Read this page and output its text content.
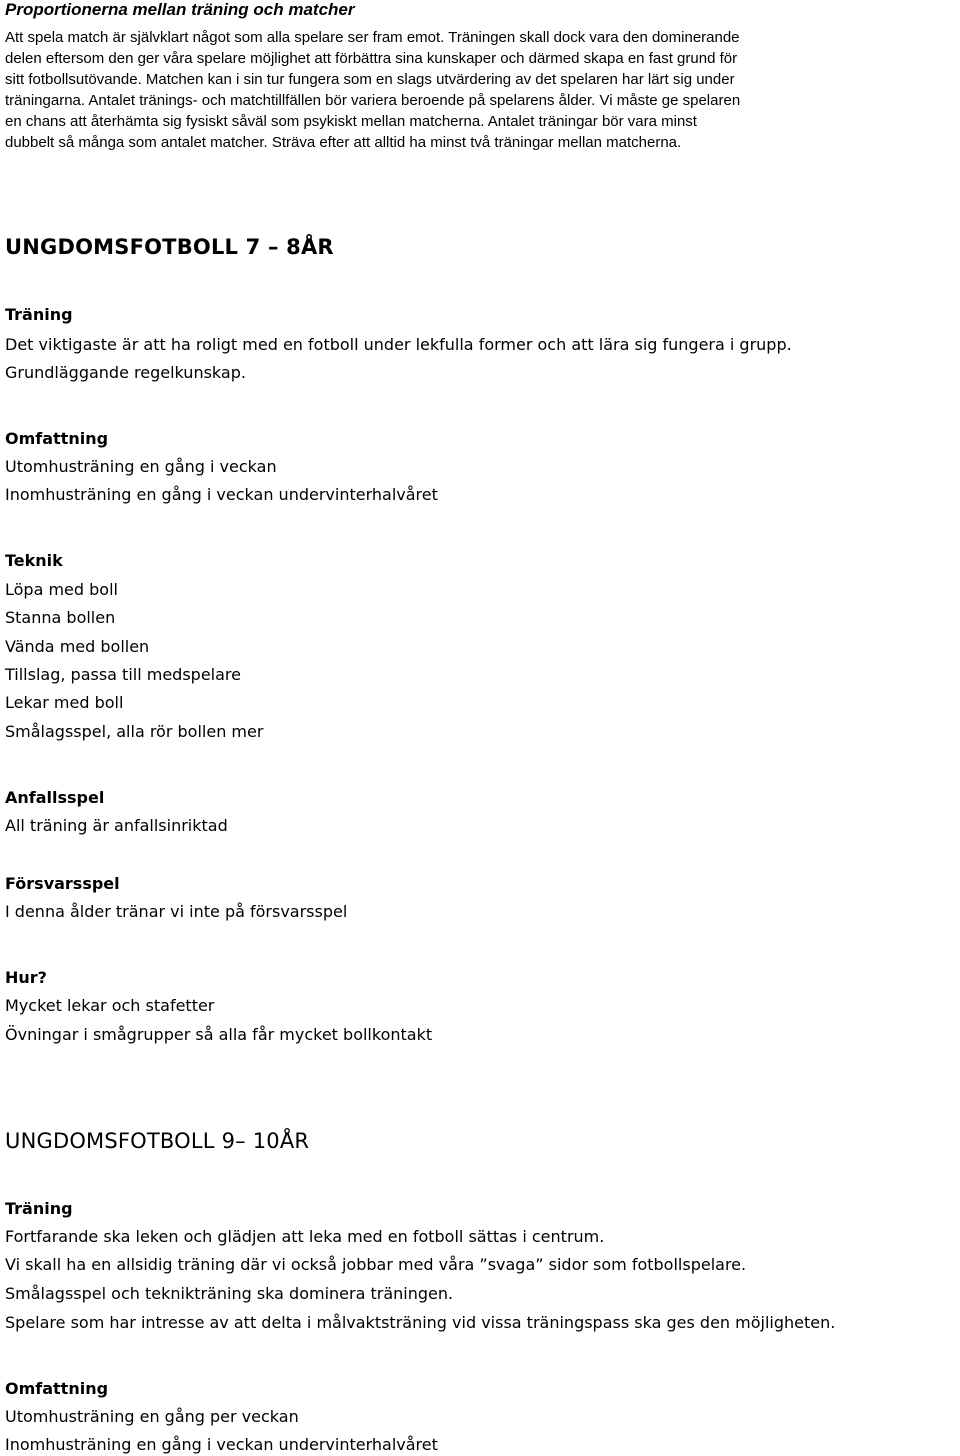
Proportionerna mellan träning och matcher

Att spela match är självklart något som alla spelare ser fram emot. Träningen skall dock vara den dominerande
delen eftersom den ger våra spelare möjlighet att förbättra sina kunskaper och därmed skapa en fast grund för
sitt fotbollsutövande. Matchen kan i sin tur fungera som en slags utvärdering av det spelaren har lärt sig under
träningarna. Antalet tränings- och matchtillfällen bör variera beroende på spelarens ålder. Vi måste ge spelaren
en chans att återhämta sig fysiskt såväl som psykiskt mellan matcherna. Antalet träningar bör vara minst
dubbelt så många som antalet matcher. Sträva efter att alltid ha minst två träningar mellan matcherna.

UNGDOMSFOTBOLL 7 – 8ÅR
Träning
Det viktigaste är att ha roligt med en fotboll under lekfulla former och att lära sig fungera i grupp.
Grundläggande regelkunskap.
Omfattning
Utomhusträning en gång i veckan
Inomhusträning en gång i veckan undervinterhalvåret
Teknik
Löpa med boll
Stanna bollen
Vända med bollen
Tillslag, passa till medspelare
Lekar med boll
Smålagsspel, alla rör bollen mer
Anfallsspel
All träning är anfallsinriktad
Försvarsspel
I denna ålder tränar vi inte på försvarsspel
Hur?
Mycket lekar och stafetter
Övningar i smågrupper så alla får mycket bollkontakt
UNGDOMSFOTBOLL 9– 10ÅR
Träning
Fortfarande ska leken och glädjen att leka med en fotboll sättas i centrum.
Vi skall ha en allsidig träning där vi också jobbar med våra ”svaga” sidor som fotbollspelare.
Smålagsspel och teknikträning ska dominera träningen.
Spelare som har intresse av att delta i målvaktsträning vid vissa träningspass ska ges den möjligheten.
Omfattning
Utomhusträning en gång per veckan
Inomhusträning en gång i veckan undervinterhalvåret
